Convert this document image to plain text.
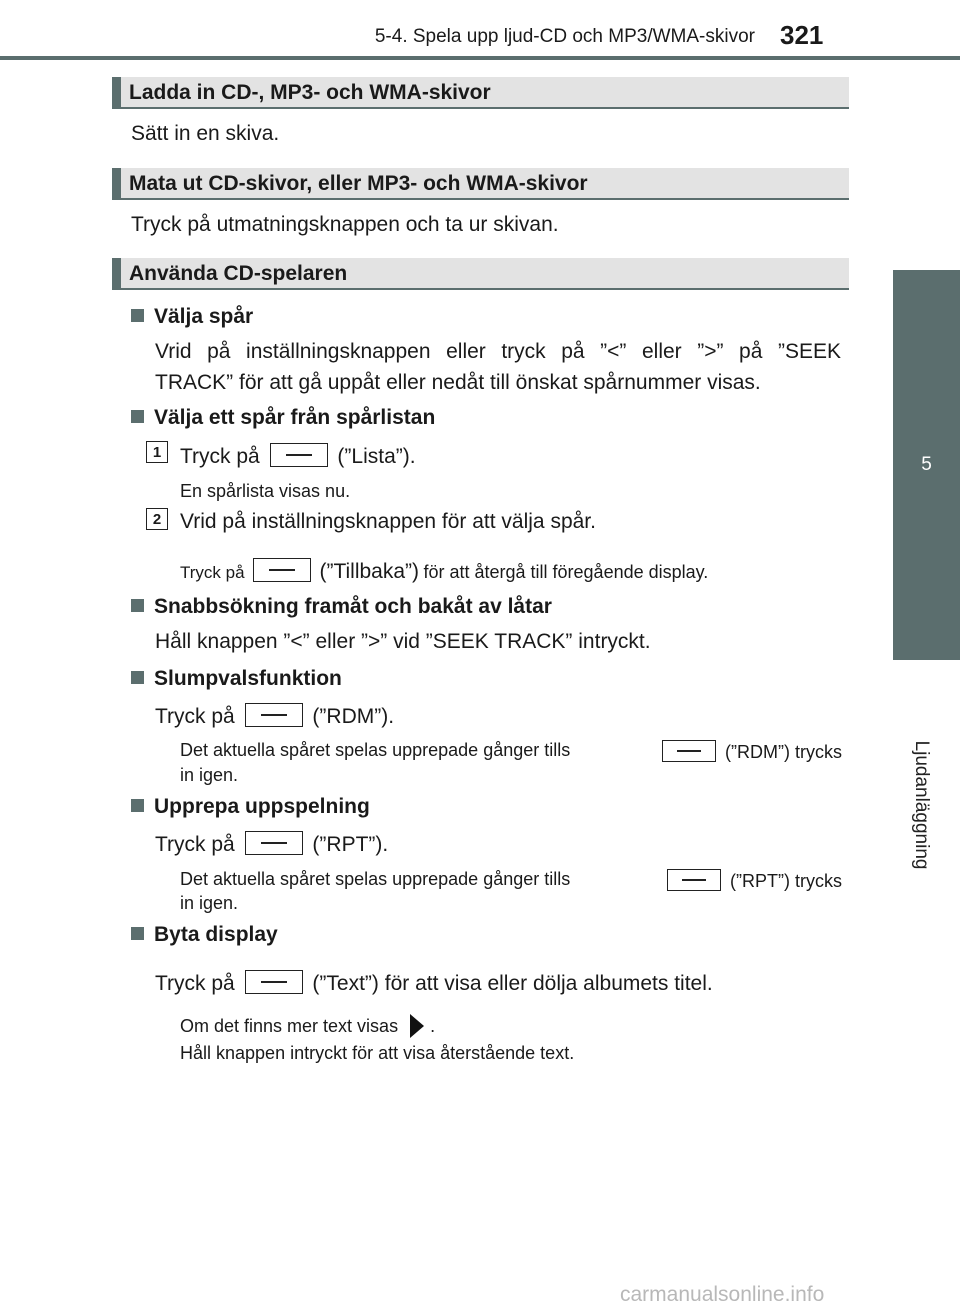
5-4. Spela upp ljud-CD och MP3/WMA-skivor 321
5
Ljudanläggning
Ladda in CD-, MP3- och WMA-skivor
Sätt in en skiva.
Mata ut CD-skivor, eller MP3- och WMA-skivor
Tryck på utmatningsknappen och ta ur skivan.
Använda CD-spelaren
Välja spår
Vrid på inställningsknappen eller tryck på ”<” eller ”>” på ”SEEK
TRACK” för att gå uppåt eller nedåt till önskat spårnummer visas.
Välja ett spår från spårlistan
1 Tryck på	(”Lista”).
En spårlista visas nu.
2 Vrid på inställningsknappen för att välja spår.
Tryck på	(”Tillbaka”) för att återgå till föregående display.
Snabbsökning framåt och bakåt av låtar
Håll knappen ”<” eller ”>” vid ”SEEK TRACK” intryckt.
Slumpvalsfunktion
Tryck på	(”RDM”).
Det aktuella spåret spelas upprepade gånger tills	(”RDM”) trycks
in igen.
Upprepa uppspelning
Tryck på	(”RPT”).
Det aktuella spåret spelas upprepade gånger tills	(”RPT”) trycks
in igen.
Byta display
Tryck på	(”Text”) för att visa eller dölja albumets titel.
Om det finns mer text visas .
Håll knappen intryckt för att visa återstående text.
carmanualsonline.info
